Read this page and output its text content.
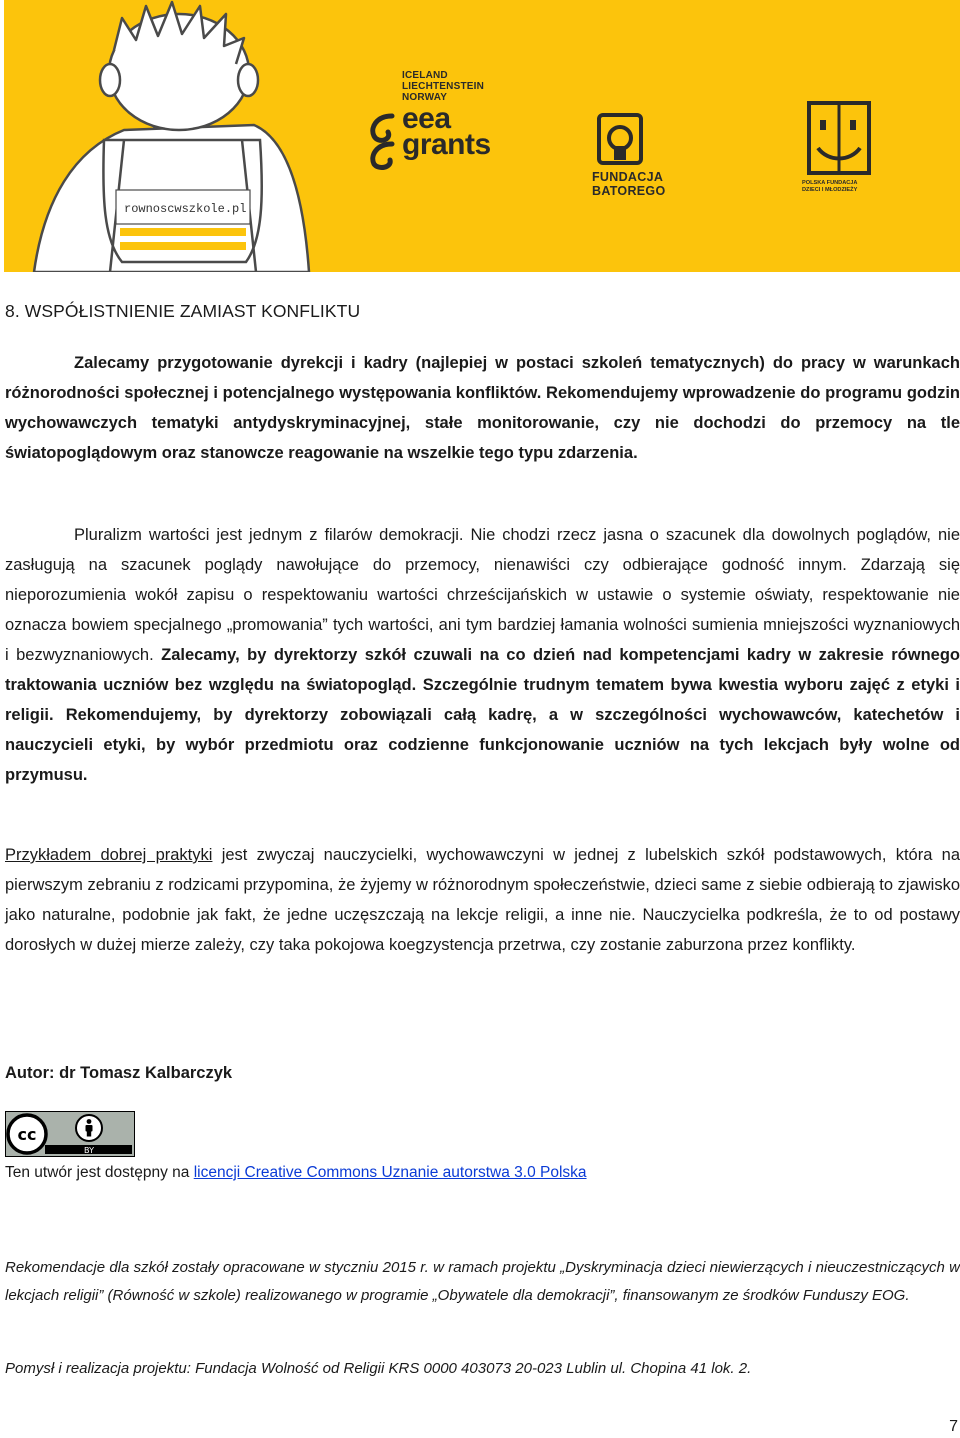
rownoscwszkole.pl
ICELAND
LIECHTENSTEIN
NORWAY
eea
grants
FUNDACJA
BATOREGO
POLSKA FUNDACJA
DZIECI I MŁODZIEŻY
8. WSPÓŁISTNIENIE ZAMIAST KONFLIKTU

Zalecamy przygotowanie dyrekcji i kadry (najlepiej w postaci szkoleń tematycznych) do pracy w warunkach różnorodności społecznej i potencjalnego występowania konfliktów. Rekomendujemy wprowadzenie do programu godzin wychowawczych tematyki antydyskryminacyjnej, stałe monitorowanie, czy nie dochodzi do przemocy na tle światopoglądowym oraz stanowcze reagowanie na wszelkie tego typu zdarzenia.

Pluralizm wartości jest jednym z filarów demokracji. Nie chodzi rzecz jasna o szacunek dla dowolnych poglądów, nie zasługują na szacunek poglądy nawołujące do przemocy, nienawiści czy odbierające godność innym. Zdarzają się nieporozumienia wokół zapisu o respektowaniu wartości chrześcijańskich w ustawie o systemie oświaty, respektowanie nie oznacza bowiem specjalnego „promowania” tych wartości, ani tym bardziej łamania wolności sumienia mniejszości wyznaniowych i bezwyznaniowych. Zalecamy, by dyrektorzy szkół czuwali na co dzień nad kompetencjami kadry w zakresie równego traktowania uczniów bez względu na światopogląd. Szczególnie trudnym tematem bywa kwestia wyboru zajęć z etyki i religii. Rekomendujemy, by dyrektorzy zobowiązali całą kadrę, a w szczególności wychowawców, katechetów i nauczycieli etyki, by wybór przedmiotu oraz codzienne funkcjonowanie uczniów na tych lekcjach były wolne od przymusu.

Przykładem dobrej praktyki jest zwyczaj nauczycielki, wychowawczyni w jednej z lubelskich szkół podstawowych, która na pierwszym zebraniu z rodzicami przypomina, że żyjemy w różnorodnym społeczeństwie, dzieci same z siebie odbierają to zjawisko jako naturalne, podobnie jak fakt, że jedne uczęszczają na lekcje religii, a inne nie. Nauczycielka podkreśla, że to od postawy dorosłych w dużej mierze zależy, czy taka pokojowa koegzystencja przetrwa, czy zostanie zaburzona przez konflikty.

Autor: dr Tomasz Kalbarczyk
cc
BY
Ten utwór jest dostępny na licencji Creative Commons Uznanie autorstwa 3.0 Polska

Rekomendacje dla szkół zostały opracowane w styczniu 2015 r. w ramach projektu „Dyskryminacja dzieci niewierzących i nieuczestniczących w lekcjach religii” (Równość w szkole) realizowanego w programie „Obywatele dla demokracji”, finansowanym ze środków Funduszy EOG.

Pomysł i realizacja projektu: Fundacja Wolność od Religii KRS 0000 403073 20-023 Lublin ul. Chopina 41 lok. 2.

7
